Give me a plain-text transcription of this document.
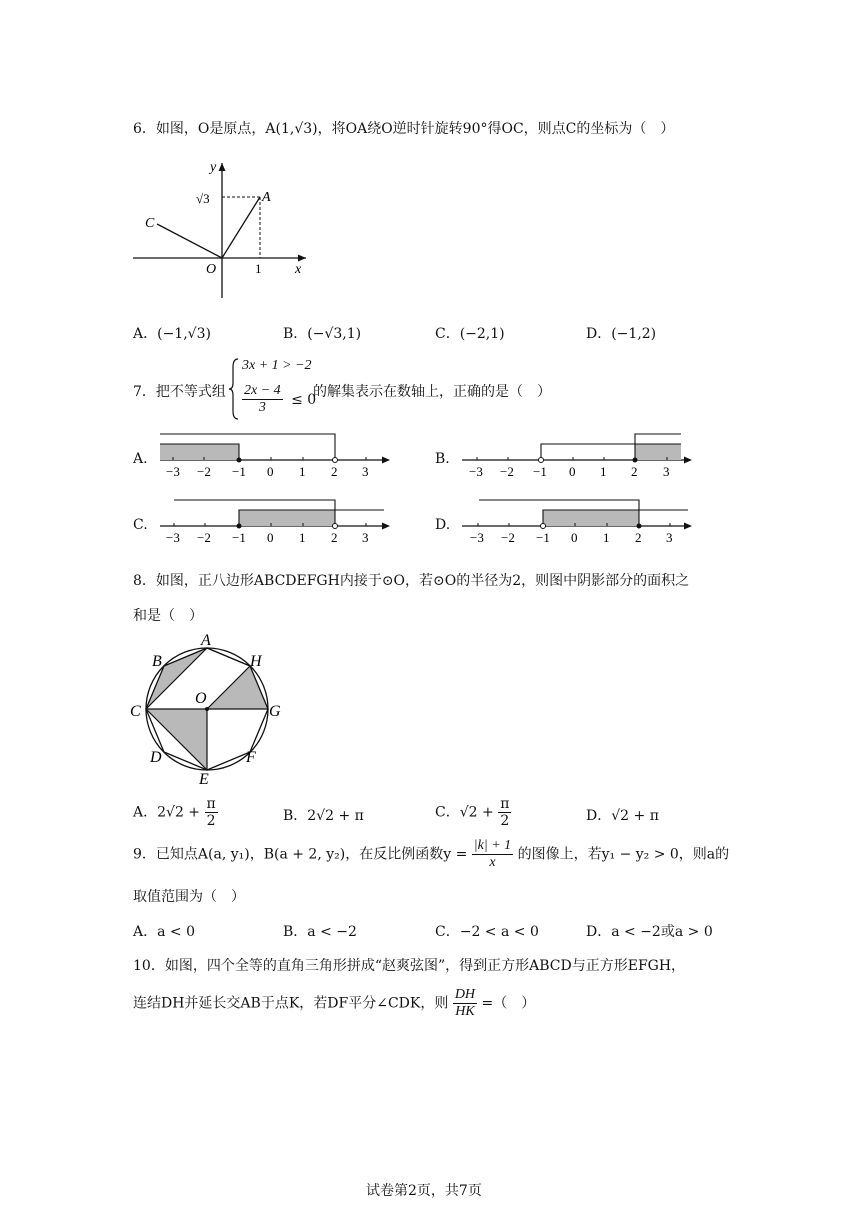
6．如图，O是原点，A(1,√3)，将OA绕O逆时针旋转90°得OC，则点C的坐标为（　）
y
x
O	1
A
C
√3
A．(−1,√3)	B．(−√3,1)	C．(−2,1)	D．(−1,2)
7．把不等式组
3x + 1 > −2
$\frac{2x - 4}{3} \le 0$
的解集表示在数轴上，正确的是（　）
A.
−3 −2 −1 0 1 2 3
B.
−3 −2 −1 0 1 2 3
C.
−3 −2 −1 0 1 2 3
D.
−3 −2 −1 0 1 2 3
8．如图，正八边形ABCDEFGH内接于⊙O，若⊙O的半径为2，则图中阴影部分的面积之
和是（　）
A
B	H
O
C	G
D	F
E
A．$2√2 + \frac{\pi}{2}$	B．2√2 + π	C．$√2 + \frac{\pi}{2}$	D．√2 + π
9．已知点A(a, y₁)，B(a + 2, y₂)，在反比例函数$y = \frac{|k| + 1}{x}$ 的图像上，若y₁ − y₂ > 0，则a的
取值范围为（　）
A．a < 0	B．a < −2	C．−2 < a < 0	D．a < −2或a > 0
10．如图，四个全等的直角三角形拼成“赵爽弦图”，得到正方形ABCD与正方形EFGH，
连结DH并延长交AB于点K，若DF平分∠CDK，则 $\frac{DH}{HK}$ =（　）
试卷第2页，共7页
